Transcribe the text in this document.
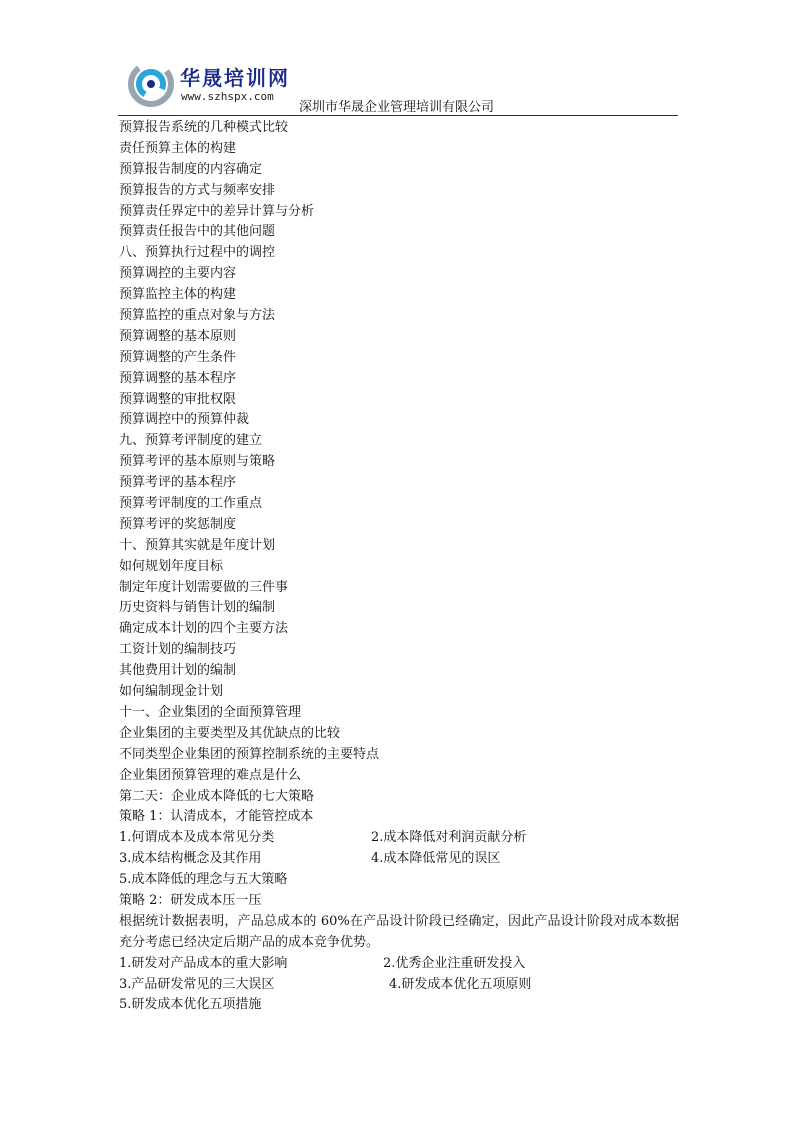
华晟培训网
www.szhspx.com
深圳市华晟企业管理培训有限公司
预算报告系统的几种模式比较
责任预算主体的构建
预算报告制度的内容确定
预算报告的方式与频率安排
预算责任界定中的差异计算与分析
预算责任报告中的其他问题
八、预算执行过程中的调控
预算调控的主要内容
预算监控主体的构建
预算监控的重点对象与方法
预算调整的基本原则
预算调整的产生条件
预算调整的基本程序
预算调整的审批权限
预算调控中的预算仲裁
九、预算考评制度的建立
预算考评的基本原则与策略
预算考评的基本程序
预算考评制度的工作重点
预算考评的奖惩制度
十、预算其实就是年度计划
如何规划年度目标
制定年度计划需要做的三件事
历史资料与销售计划的编制
确定成本计划的四个主要方法
工资计划的编制技巧
其他费用计划的编制
如何编制现金计划
十一、企业集团的全面预算管理
企业集团的主要类型及其优缺点的比较
不同类型企业集团的预算控制系统的主要特点
企业集团预算管理的难点是什么
第二天：企业成本降低的七大策略
策略 1：认清成本，才能管控成本
1.何谓成本及成本常见分类	2.成本降低对利润贡献分析
3.成本结构概念及其作用	4.成本降低常见的误区
5.成本降低的理念与五大策略
策略 2：研发成本压一压
根据统计数据表明，产品总成本的 60%在产品设计阶段已经确定，因此产品设计阶段对成本数据充分考虑已经决定后期产品的成本竞争优势。
1.研发对产品成本的重大影响	2.优秀企业注重研发投入
3.产品研发常见的三大误区	4.研发成本优化五项原则
5.研发成本优化五项措施
